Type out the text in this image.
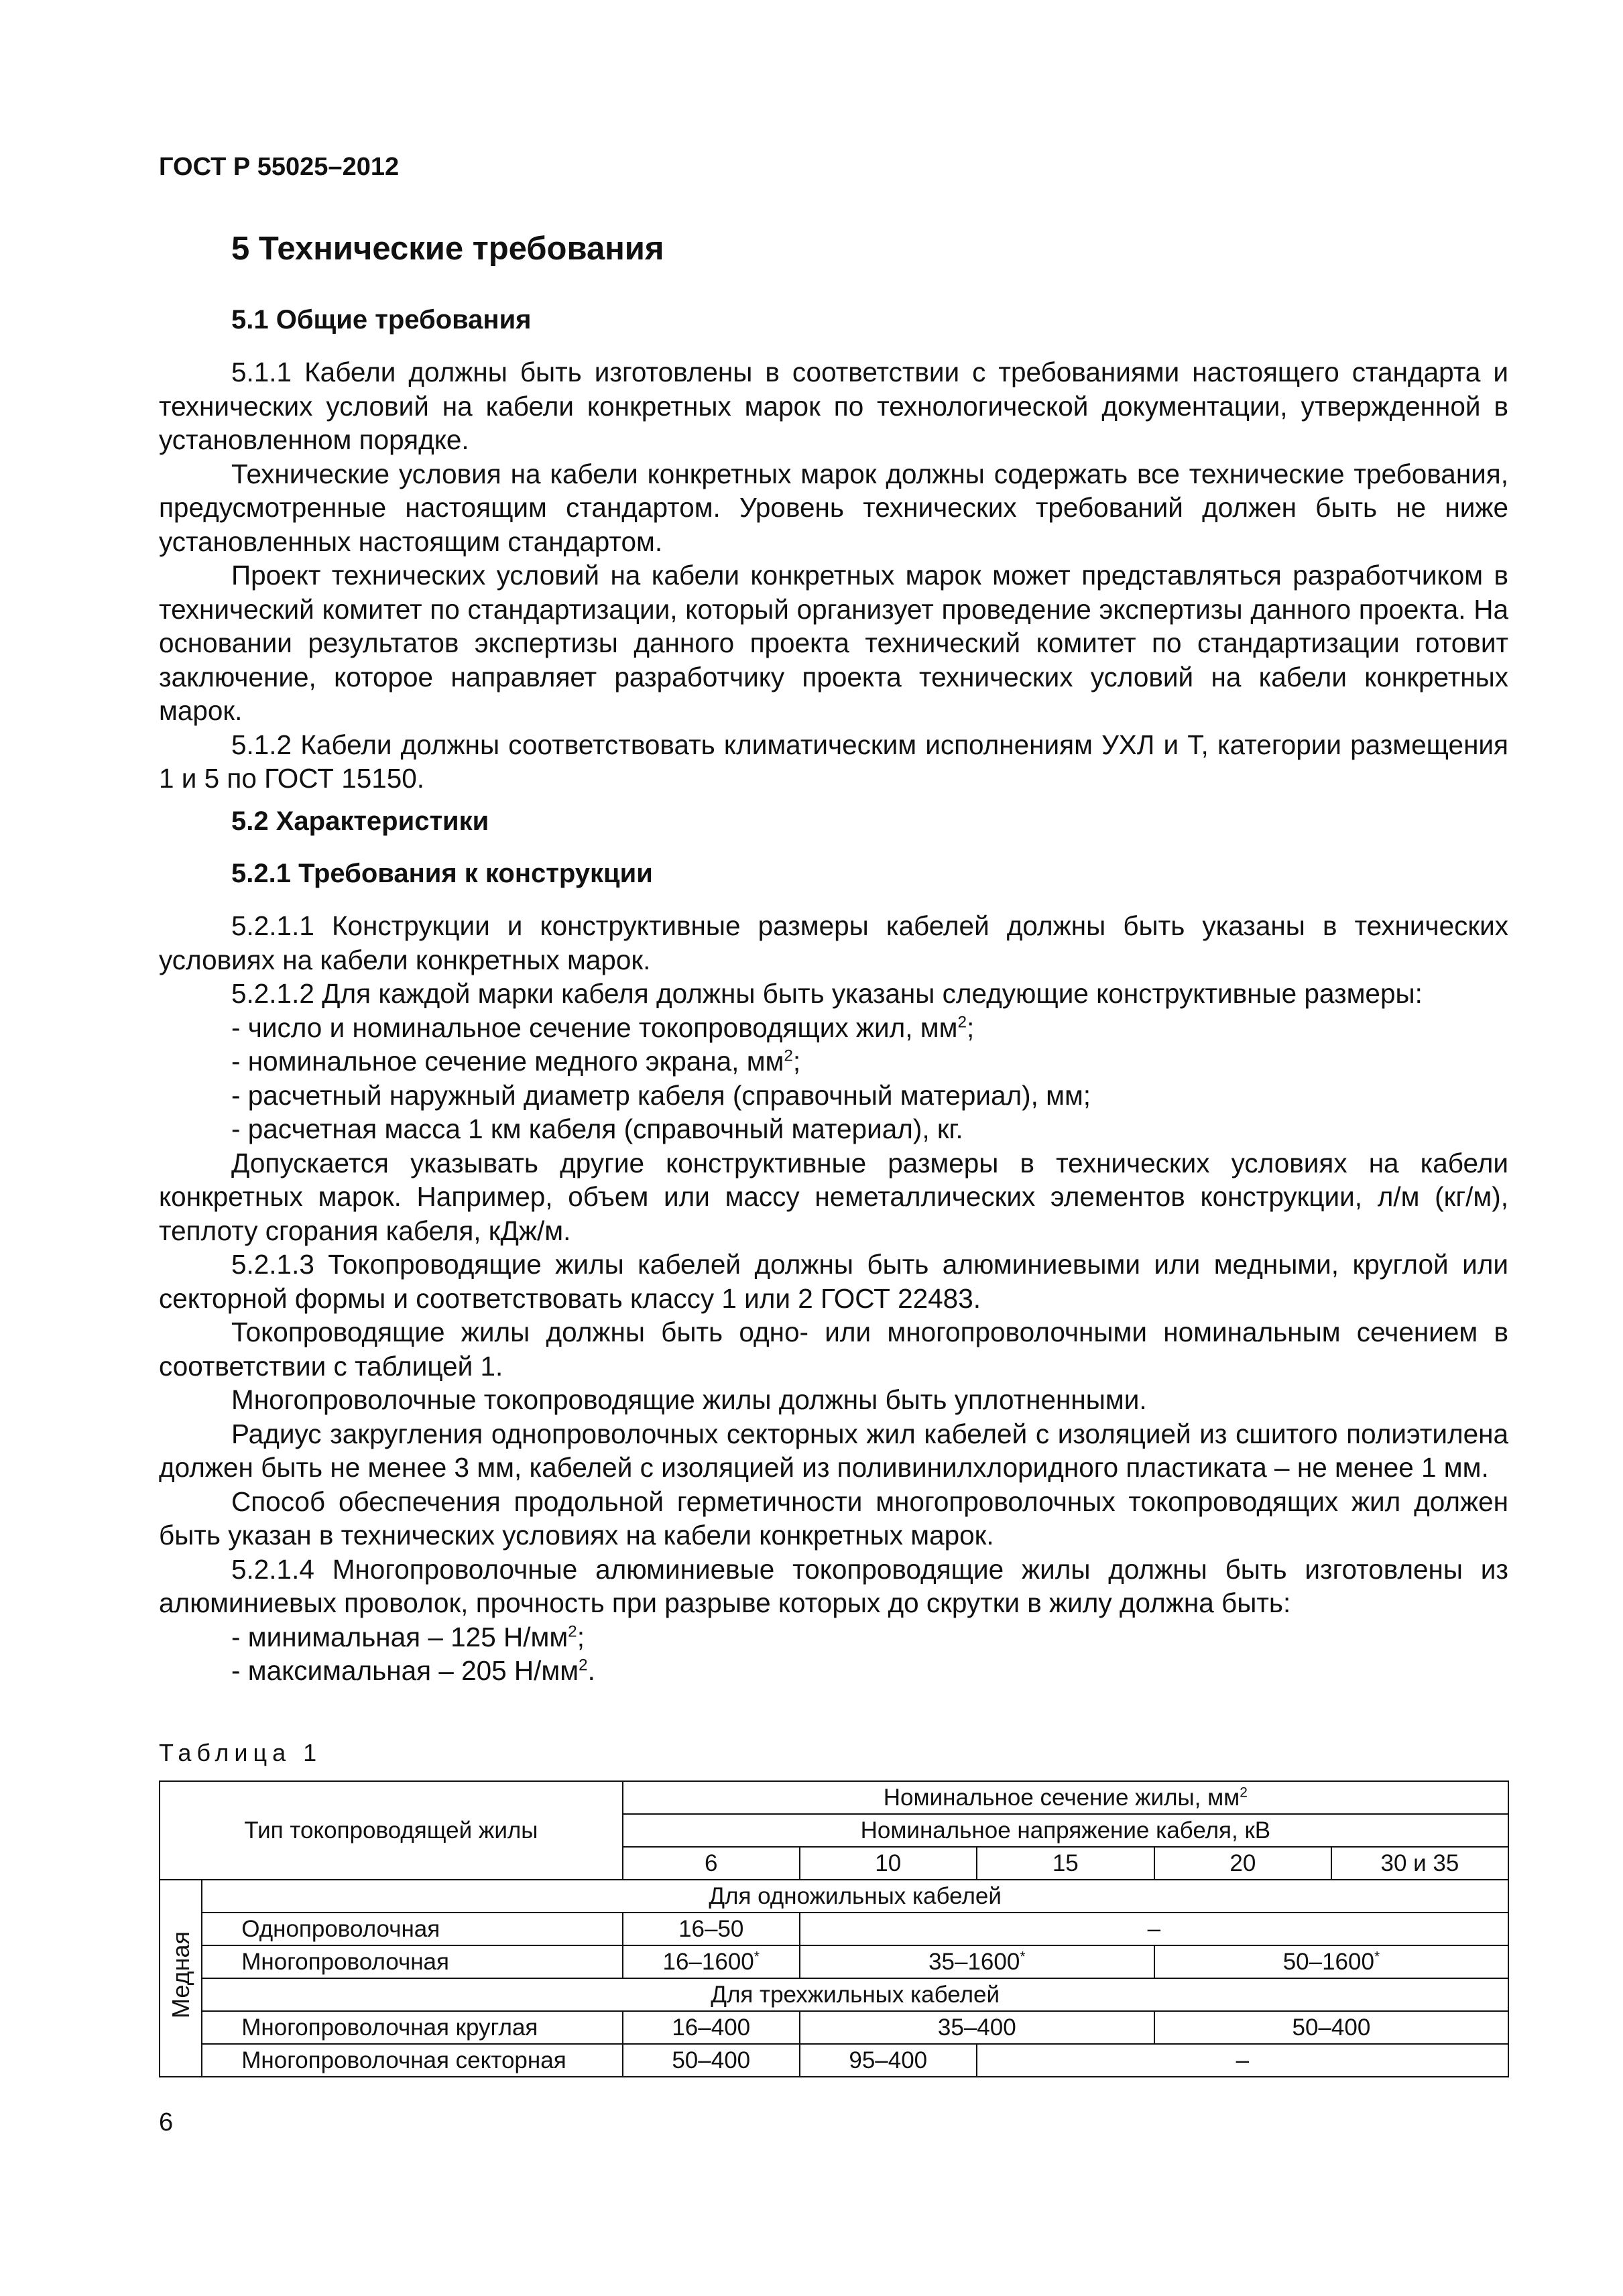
ГОСТ Р 55025–2012
5 Технические требования
5.1 Общие требования

5.1.1 Кабели должны быть изготовлены в соответствии с требованиями настоящего стандарта и технических условий на кабели конкретных марок по технологической документации, утвержденной в установленном порядке.

Технические условия на кабели конкретных марок должны содержать все технические требования, предусмотренные настоящим стандартом. Уровень технических требований должен быть не ниже установленных настоящим стандартом.

Проект технических условий на кабели конкретных марок может представляться разработчиком в технический комитет по стандартизации, который организует проведение экспертизы данного проекта. На основании результатов экспертизы данного проекта технический комитет по стандартизации готовит заключение, которое направляет разработчику проекта технических условий на кабели конкретных марок.

5.1.2 Кабели должны соответствовать климатическим исполнениям УХЛ и Т, категории размещения 1 и 5 по ГОСТ 15150.

5.2 Характеристики
5.2.1 Требования к конструкции

5.2.1.1 Конструкции и конструктивные размеры кабелей должны быть указаны в технических условиях на кабели конкретных марок.

5.2.1.2 Для каждой марки кабеля должны быть указаны следующие конструктивные размеры:

- число и номинальное сечение токопроводящих жил, $мм^2$;

- номинальное сечение медного экрана, $мм^2$;

- расчетный наружный диаметр кабеля (справочный материал), мм;

- расчетная масса 1 км кабеля (справочный материал), кг.

Допускается указывать другие конструктивные размеры в технических условиях на кабели конкретных марок. Например, объем или массу неметаллических элементов конструкции, л/м (кг/м), теплоту сгорания кабеля, кДж/м.

5.2.1.3 Токопроводящие жилы кабелей должны быть алюминиевыми или медными, круглой или секторной формы и соответствовать классу 1 или 2 ГОСТ 22483.

Токопроводящие жилы должны быть одно- или многопроволочными номинальным сечением в соответствии с таблицей 1.

Многопроволочные токопроводящие жилы должны быть уплотненными.

Радиус закругления однопроволочных секторных жил кабелей с изоляцией из сшитого полиэтилена должен быть не менее 3 мм, кабелей с изоляцией из поливинилхлоридного пластиката – не менее 1 мм.

Способ обеспечения продольной герметичности многопроволочных токопроводящих жил должен быть указан в технических условиях на кабели конкретных марок.

5.2.1.4 Многопроволочные алюминиевые токопроводящие жилы должны быть изготовлены из алюминиевых проволок, прочность при разрыве которых до скрутки в жилу должна быть:

- минимальная – 125 $Н/мм^2$;

- максимальная – 205 $Н/мм^2$.

Таблица 1
Тип токопроводящей жилы		Номинальное сечение жилы, $мм^2$
		Номинальное напряжение кабеля, кВ				
		6	10	15	20	30 и 35
Медная	Для одножильных кабелей					
	Однопроволочная	16–50	–			
	Многопроволочная	16–1600*	35–1600*		50–1600*
	Для трехжильных кабелей					
	Многопроволочная круглая	16–400	35–400		50–400	
	Многопроволочная секторная	50–400	95–400	–		
6
